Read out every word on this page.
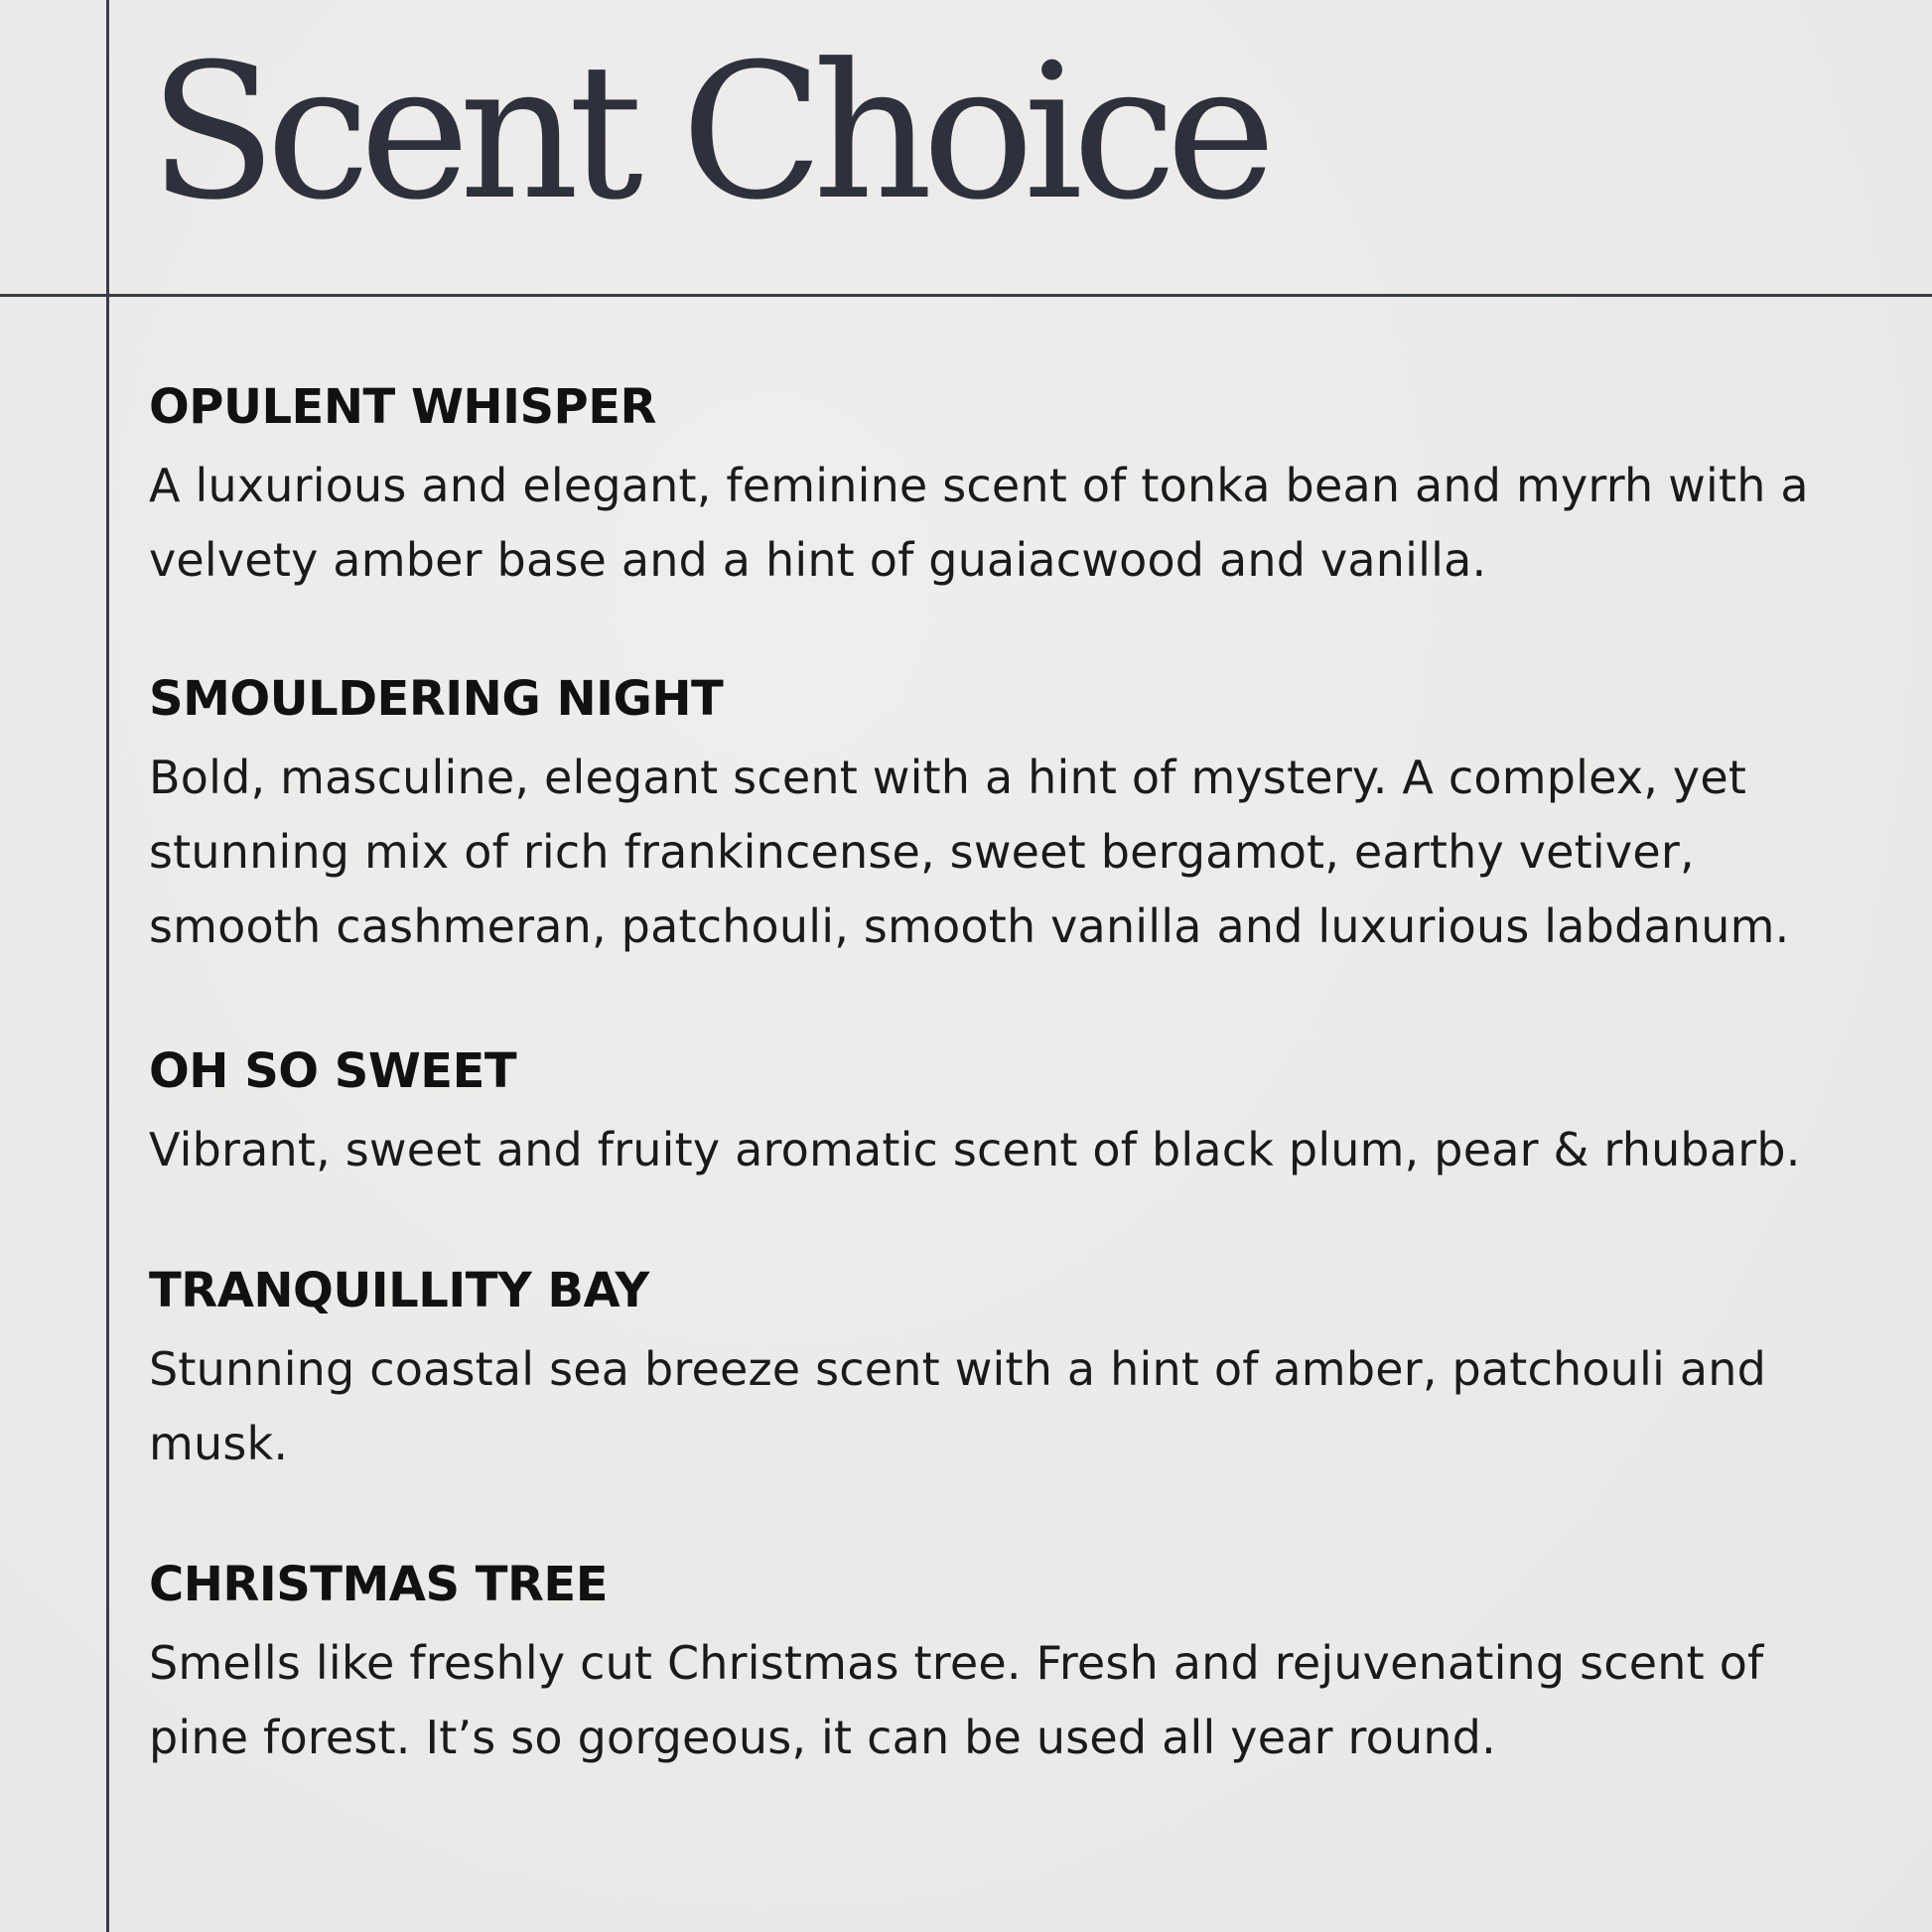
Scent Choice
OPULENT WHISPER

A luxurious and elegant, feminine scent of tonka bean and myrrh with a velvety amber base and a hint of guaiacwood and vanilla.

SMOULDERING NIGHT

Bold, masculine, elegant scent with a hint of mystery. A complex, yet stunning mix of rich frankincense, sweet bergamot, earthy vetiver, smooth cashmeran, patchouli, smooth vanilla and luxurious labdanum.

OH SO SWEET

Vibrant, sweet and fruity aromatic scent of black plum, pear & rhubarb.

TRANQUILLITY BAY

Stunning coastal sea breeze scent with a hint of amber, patchouli and musk.

CHRISTMAS TREE

Smells like freshly cut Christmas tree. Fresh and rejuvenating scent of pine forest. It’s so gorgeous, it can be used all year round.
